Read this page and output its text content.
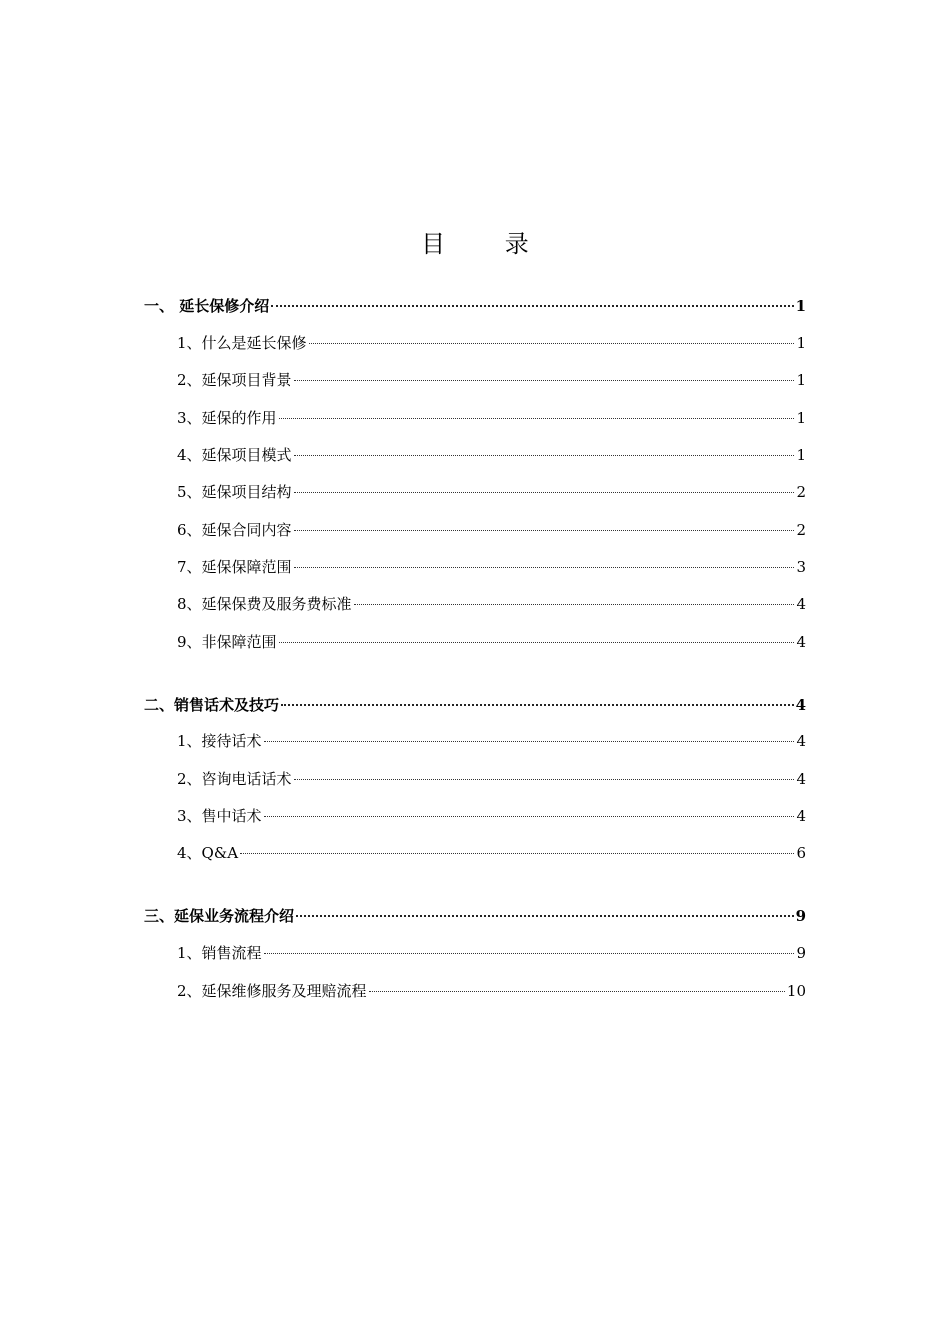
目 录
一、 延长保修介绍	1
1、什么是延长保修	1
2、延保项目背景	1
3、延保的作用	1
4、延保项目模式	1
5、延保项目结构	2
6、延保合同内容	2
7、延保保障范围	3
8、延保保费及服务费标准	4
9、非保障范围	4
二、销售话术及技巧	4
1、接待话术	4
2、咨询电话话术	4
3、售中话术	4
4、Q&A	6
三、延保业务流程介绍	9
1、销售流程	9
2、延保维修服务及理赔流程	10
